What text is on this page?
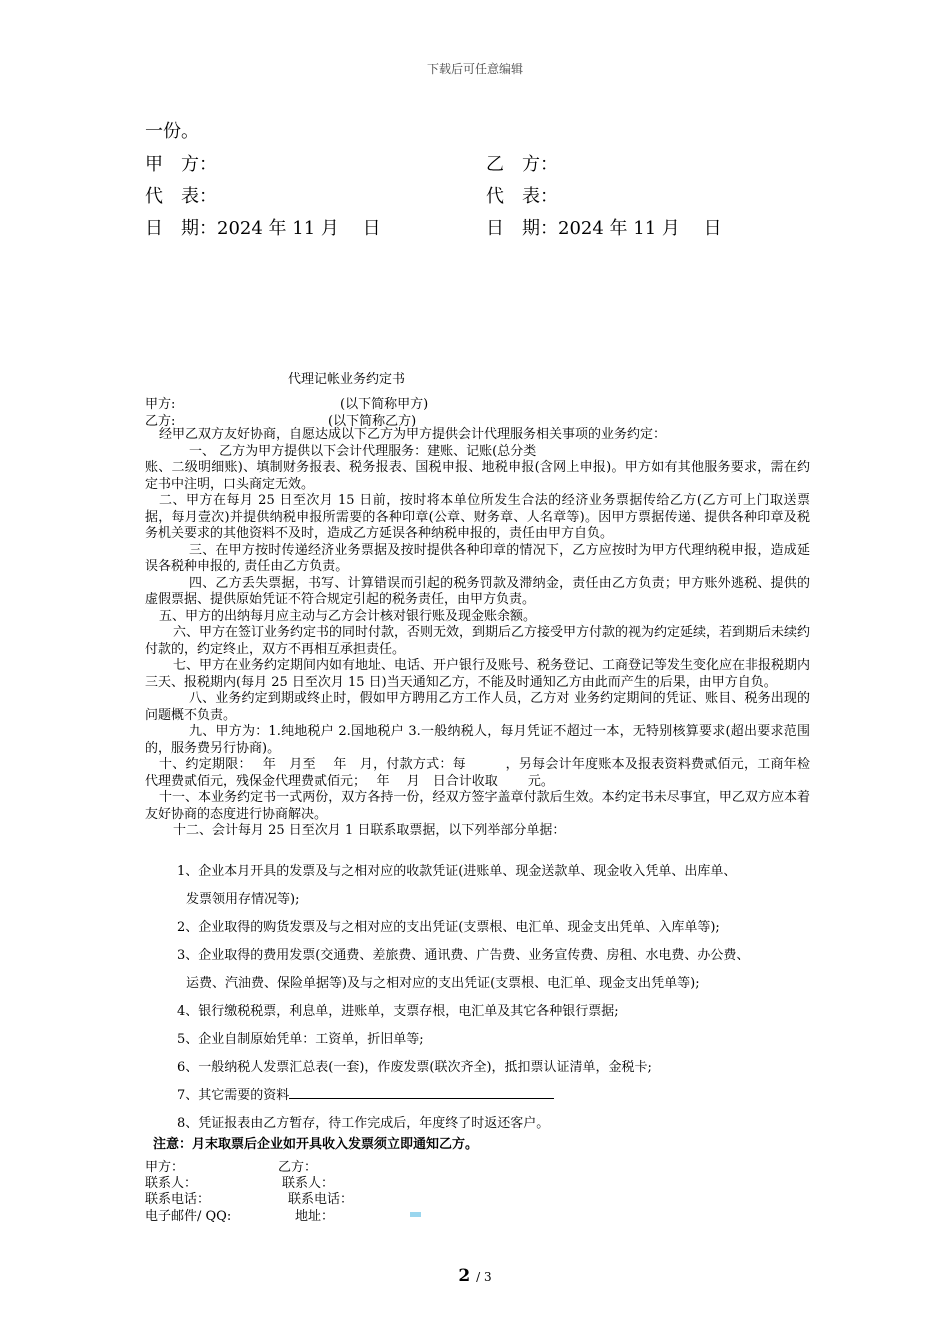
下载后可任意编辑
一份。
甲　方：	乙　方：
代　表：	代　表：
日　期：2024 年 11 月　 日	日　期：2024 年 11 月　 日
代理记帐业务约定书
甲方:	(以下简称甲方)
乙方:	(以下简称乙方)

经甲乙双方友好协商，自愿达成以下乙方为甲方提供会计代理服务相关事项的业务约定：

一、 乙方为甲方提供以下会计代理服务：建账、记账(总分类

账、二级明细账)、填制财务报表、税务报表、国税申报、地税申报(含网上申报)。甲方如有其他服务要求，需在约定书中注明，口头商定无效。

二、甲方在每月 25 日至次月 15 日前，按时将本单位所发生合法的经济业务票据传给乙方(乙方可上门取送票据，每月壹次)并提供纳税申报所需要的各种印章(公章、财务章、人名章等)。因甲方票据传递、提供各种印章及税务机关要求的其他资料不及时，造成乙方延误各种纳税申报的，责任由甲方自负。

三、在甲方按时传递经济业务票据及按时提供各种印章的情况下，乙方应按时为甲方代理纳税申报，造成延误各税种申报的, 责任由乙方负责。

四、乙方丢失票据，书写、计算错误而引起的税务罚款及滞纳金，责任由乙方负责；甲方账外逃税、提供的虚假票据、提供原始凭证不符合规定引起的税务责任，由甲方负责。

五、甲方的出纳每月应主动与乙方会计核对银行账及现金账余额。

六、甲方在签订业务约定书的同时付款，否则无效，到期后乙方接受甲方付款的视为约定延续，若到期后未续约付款的，约定终止，双方不再相互承担责任。

七、甲方在业务约定期间内如有地址、电话、开户银行及账号、税务登记、工商登记等发生变化应在非报税期内三天、报税期内(每月 25 日至次月 15 日)当天通知乙方，不能及时通知乙方由此而产生的后果，由甲方自负。

八、业务约定到期或终止时，假如甲方聘用乙方工作人员，乙方对 业务约定期间的凭证、账目、税务出现的问题概不负责。

九、甲方为：1.纯地税户 2.国地税户 3.一般纳税人，每月凭证不超过一本，无特别核算要求(超出要求范围的，服务费另行协商)。

十、约定期限：　 年　月至　 年　月，付款方式：每　　　，另每会计年度账本及报表资料费贰佰元，工商年检代理费贰佰元，残保金代理费贰佰元；　 年　 月　日合计收取　　 元。

十一、本业务约定书一式两份，双方各持一份，经双方签字盖章付款后生效。本约定书未尽事宜，甲乙双方应本着友好协商的态度进行协商解决。

十二、会计每月 25 日至次月 1 日联系取票据，以下列举部分单据：

1、企业本月开具的发票及与之相对应的收款凭证(进账单、现金送款单、现金收入凭单、出库单、

发票领用存情况等);

2、企业取得的购货发票及与之相对应的支出凭证(支票根、电汇单、现金支出凭单、入库单等);

3、企业取得的费用发票(交通费、差旅费、通讯费、广告费、业务宣传费、房租、水电费、办公费、

运费、汽油费、保险单据等)及与之相对应的支出凭证(支票根、电汇单、现金支出凭单等);

4、银行缴税税票，利息单，进账单，支票存根，电汇单及其它各种银行票据;

5、企业自制原始凭单：工资单，折旧单等;

6、一般纳税人发票汇总表(一套)，作废发票(联次齐全)，抵扣票认证清单，金税卡;

7、其它需要的资料

8、凭证报表由乙方暂存，待工作完成后，年度终了时返还客户。

注意：月末取票后企业如开具收入发票须立即通知乙方。
甲方：	乙方：
联系人：	联系人：
联系电话：	联系电话：
电子邮件/ QQ:	地址：
2 / 3
